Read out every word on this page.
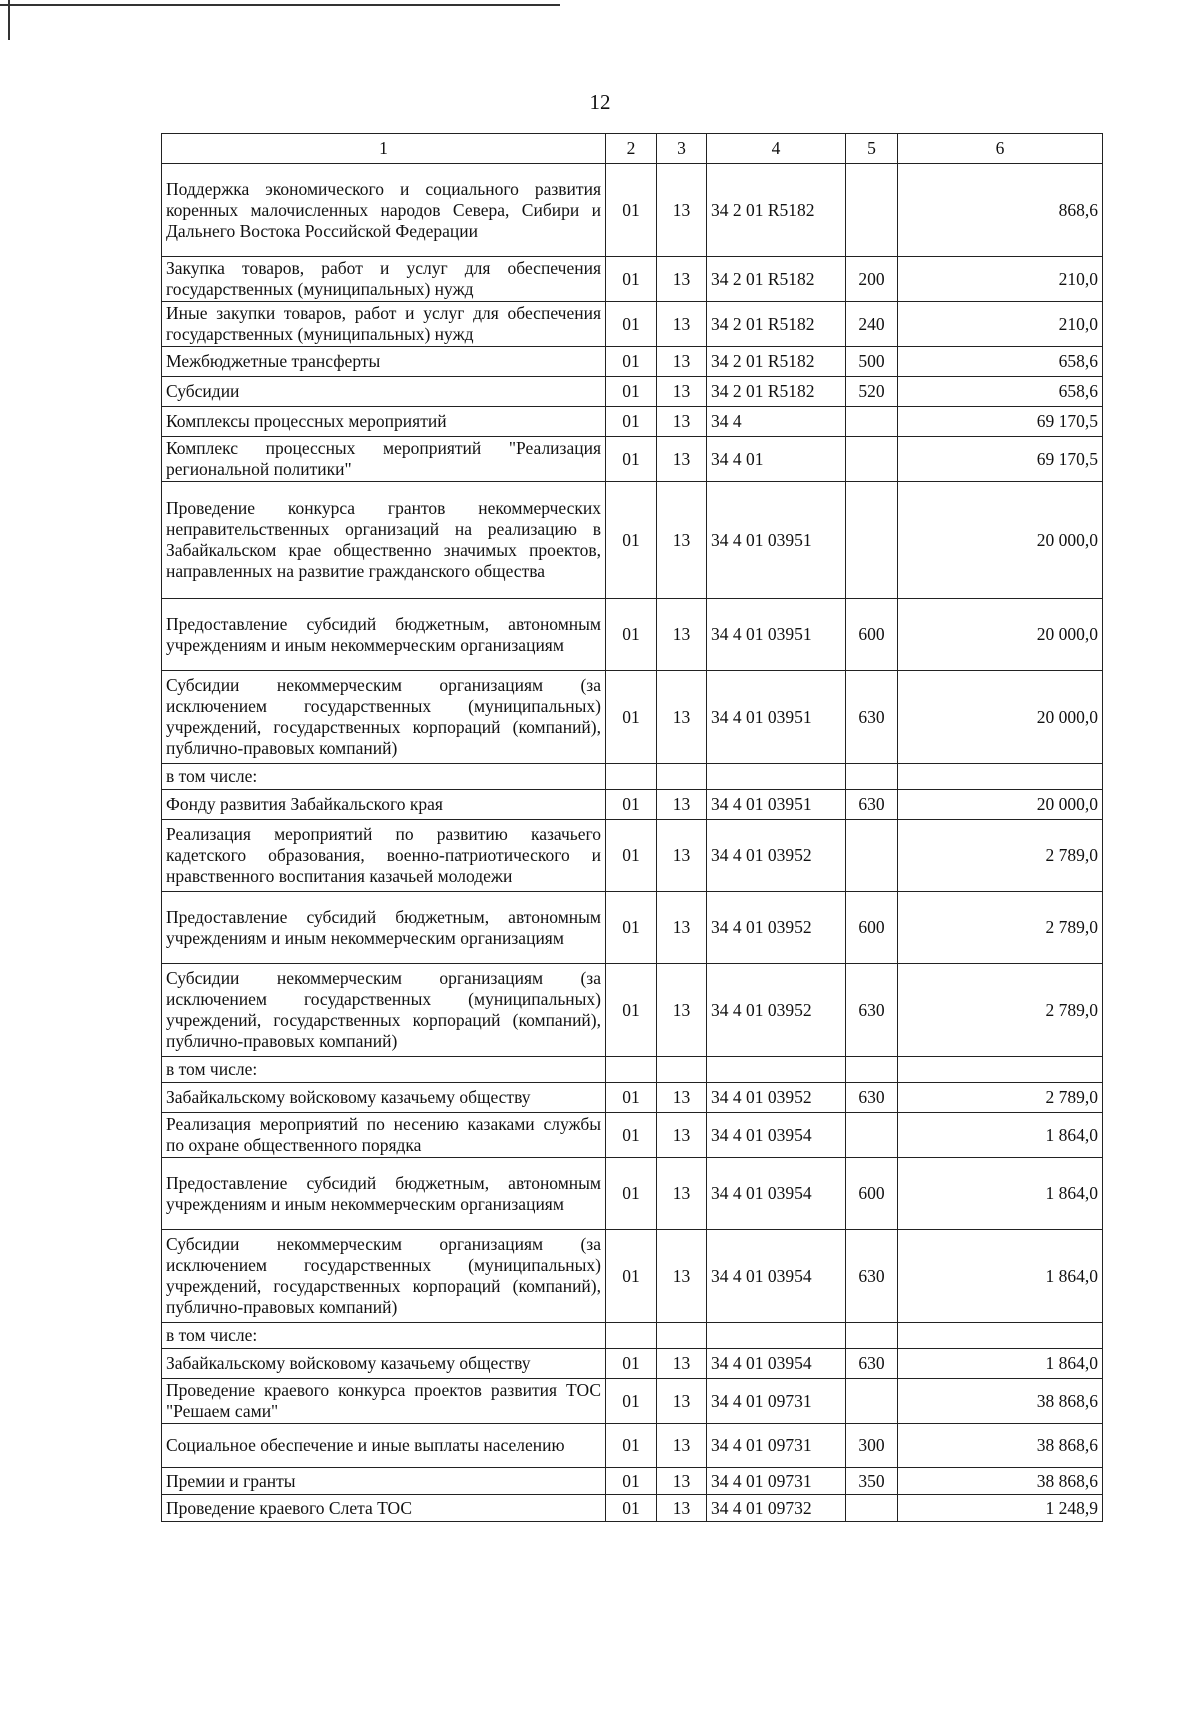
12
1	2	3	4	5	6
Поддержка экономического и социального развития коренных малочисленных народов Севера, Сибири и Дальнего Востока Российской Федерации	01	13	34 2 01 R5182		868,6
Закупка товаров, работ и услуг для обеспечения государственных (муниципальных) нужд	01	13	34 2 01 R5182	200	210,0
Иные закупки товаров, работ и услуг для обеспечения государственных (муниципальных) нужд	01	13	34 2 01 R5182	240	210,0
Межбюджетные трансферты	01	13	34 2 01 R5182	500	658,6
Субсидии	01	13	34 2 01 R5182	520	658,6
Комплексы процессных мероприятий	01	13	34 4		69 170,5
Комплекс процессных мероприятий "Реализация региональной политики"	01	13	34 4 01		69 170,5
Проведение конкурса грантов некоммерческих неправительственных организаций на реализацию в Забайкальском крае общественно значимых проектов, направленных на развитие гражданского общества	01	13	34 4 01 03951		20 000,0
Предоставление субсидий бюджетным, автономным учреждениям и иным некоммерческим организациям	01	13	34 4 01 03951	600	20 000,0
Субсидии некоммерческим организациям (за исключением государственных (муниципальных) учреждений, государственных корпораций (компаний), публично-правовых компаний)	01	13	34 4 01 03951	630	20 000,0
в том числе:					
Фонду развития Забайкальского края	01	13	34 4 01 03951	630	20 000,0
Реализация мероприятий по развитию казачьего кадетского образования, военно-патриотического и нравственного воспитания казачьей молодежи	01	13	34 4 01 03952		2 789,0
Предоставление субсидий бюджетным, автономным учреждениям и иным некоммерческим организациям	01	13	34 4 01 03952	600	2 789,0
Субсидии некоммерческим организациям (за исключением государственных (муниципальных) учреждений, государственных корпораций (компаний), публично-правовых компаний)	01	13	34 4 01 03952	630	2 789,0
в том числе:					
Забайкальскому войсковому казачьему обществу	01	13	34 4 01 03952	630	2 789,0
Реализация мероприятий по несению казаками службы по охране общественного порядка	01	13	34 4 01 03954		1 864,0
Предоставление субсидий бюджетным, автономным учреждениям и иным некоммерческим организациям	01	13	34 4 01 03954	600	1 864,0
Субсидии некоммерческим организациям (за исключением государственных (муниципальных) учреждений, государственных корпораций (компаний), публично-правовых компаний)	01	13	34 4 01 03954	630	1 864,0
в том числе:					
Забайкальскому войсковому казачьему обществу	01	13	34 4 01 03954	630	1 864,0
Проведение краевого конкурса проектов развития ТОС "Решаем сами"	01	13	34 4 01 09731		38 868,6
Социальное обеспечение и иные выплаты населению	01	13	34 4 01 09731	300	38 868,6
Премии и гранты	01	13	34 4 01 09731	350	38 868,6
Проведение краевого Слета ТОС	01	13	34 4 01 09732		1 248,9
